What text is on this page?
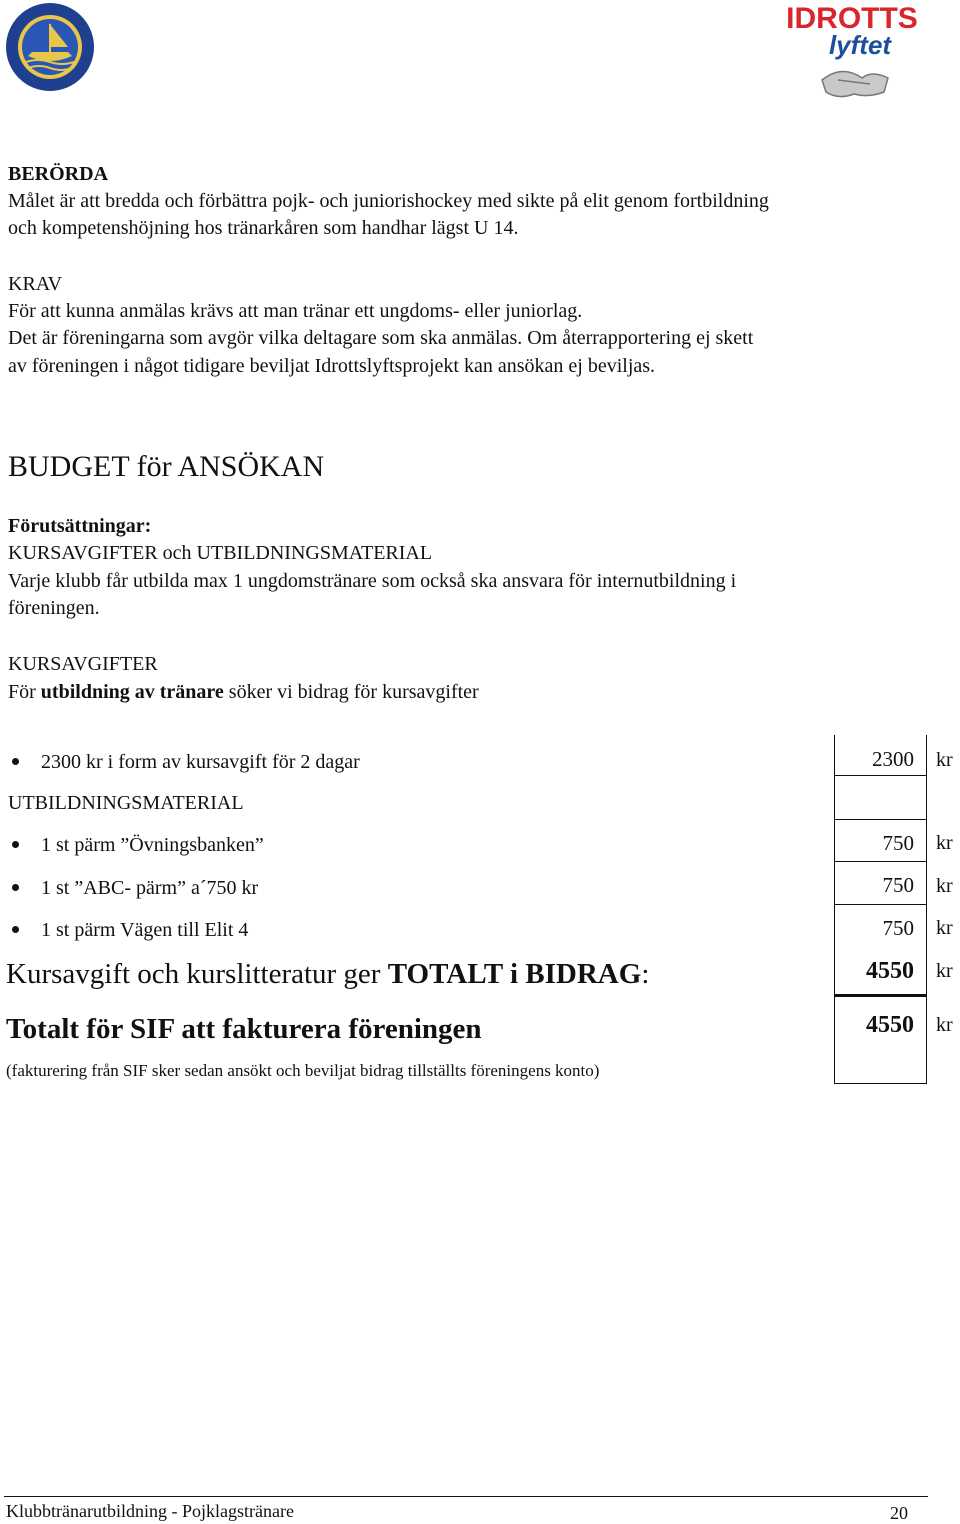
IDROTTS
lyftet
BERÖRDA
Målet är att bredda och förbättra pojk- och juniorishockey med sikte på elit genom fortbildning
och kompetenshöjning hos tränarkåren som handhar lägst U 14.
KRAV
För att kunna anmälas krävs att man tränar ett ungdoms- eller juniorlag.
Det är föreningarna som avgör vilka deltagare som ska anmälas. Om återrapportering ej skett
av föreningen i något tidigare beviljat Idrottslyftsprojekt kan ansökan ej beviljas.
BUDGET för ANSÖKAN
Förutsättningar:
KURSAVGIFTER och UTBILDNINGSMATERIAL
Varje klubb får utbilda max 1 ungdomstränare som också ska ansvara för internutbildning i
föreningen.
KURSAVGIFTER
För utbildning av tränare söker vi bidrag för kursavgifter
2300 kr i form av kursavgift för 2 dagar	2300 kr
UTBILDNINGSMATERIAL
1 st pärm ”Övningsbanken”	750 kr
1 st ”ABC- pärm” a´750 kr	750 kr
1 st pärm Vägen till Elit 4	750 kr
Kursavgift och kurslitteratur ger TOTALT i BIDRAG:	4550 kr
Totalt för SIF att fakturera föreningen	4550 kr
(fakturering från SIF sker sedan ansökt och beviljat bidrag tillställts föreningens konto)
Klubbtränarutbildning - Pojklagstränare	20
